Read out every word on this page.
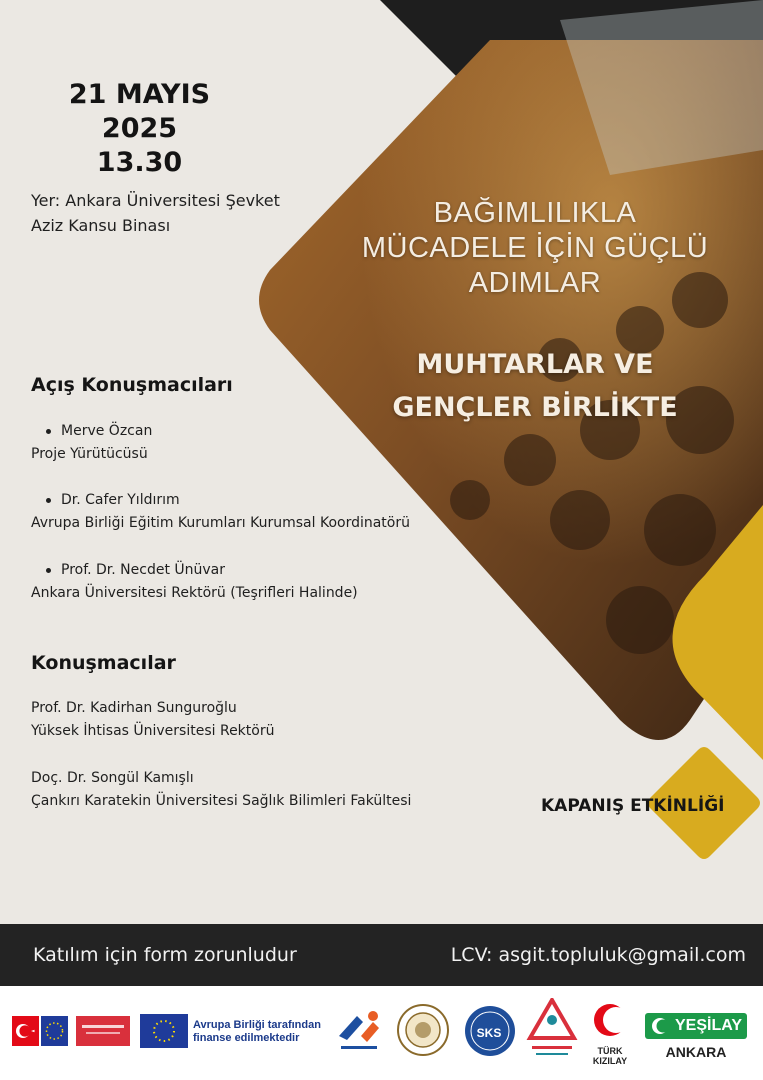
21 MAYIS 2025
13.30
Yer: Ankara Üniversitesi Şevket Aziz Kansu Binası	BAĞIMLILIKLA
MÜCADELE İÇİN GÜÇLÜ
ADIMLAR
MUHTARLAR VE
GENÇLER BİRLİKTE
Açış Konuşmacıları
Merve Özcan
Proje Yürütücüsü
Dr. Cafer Yıldırım
Avrupa Birliği Eğitim Kurumları Kurumsal Koordinatörü
Prof. Dr. Necdet Ünüvar
Ankara Üniversitesi Rektörü (Teşrifleri Halinde)
Konuşmacılar
Prof. Dr. Kadirhan Sunguroğlu
Yüksek İhtisas Üniversitesi Rektörü
Doç. Dr. Songül Kamışlı
Çankırı Karatekin Üniversitesi Sağlık Bilimleri Fakültesi	KAPANIŞ ETKİNLİĞİ
Katılım için form zorunludur	LCV: asgit.topluluk@gmail.com
Avrupa Birliği tarafından
finanse edilmektedir	SKS
TÜRK KIZILAY
YEŞİLAY
ANKARA
